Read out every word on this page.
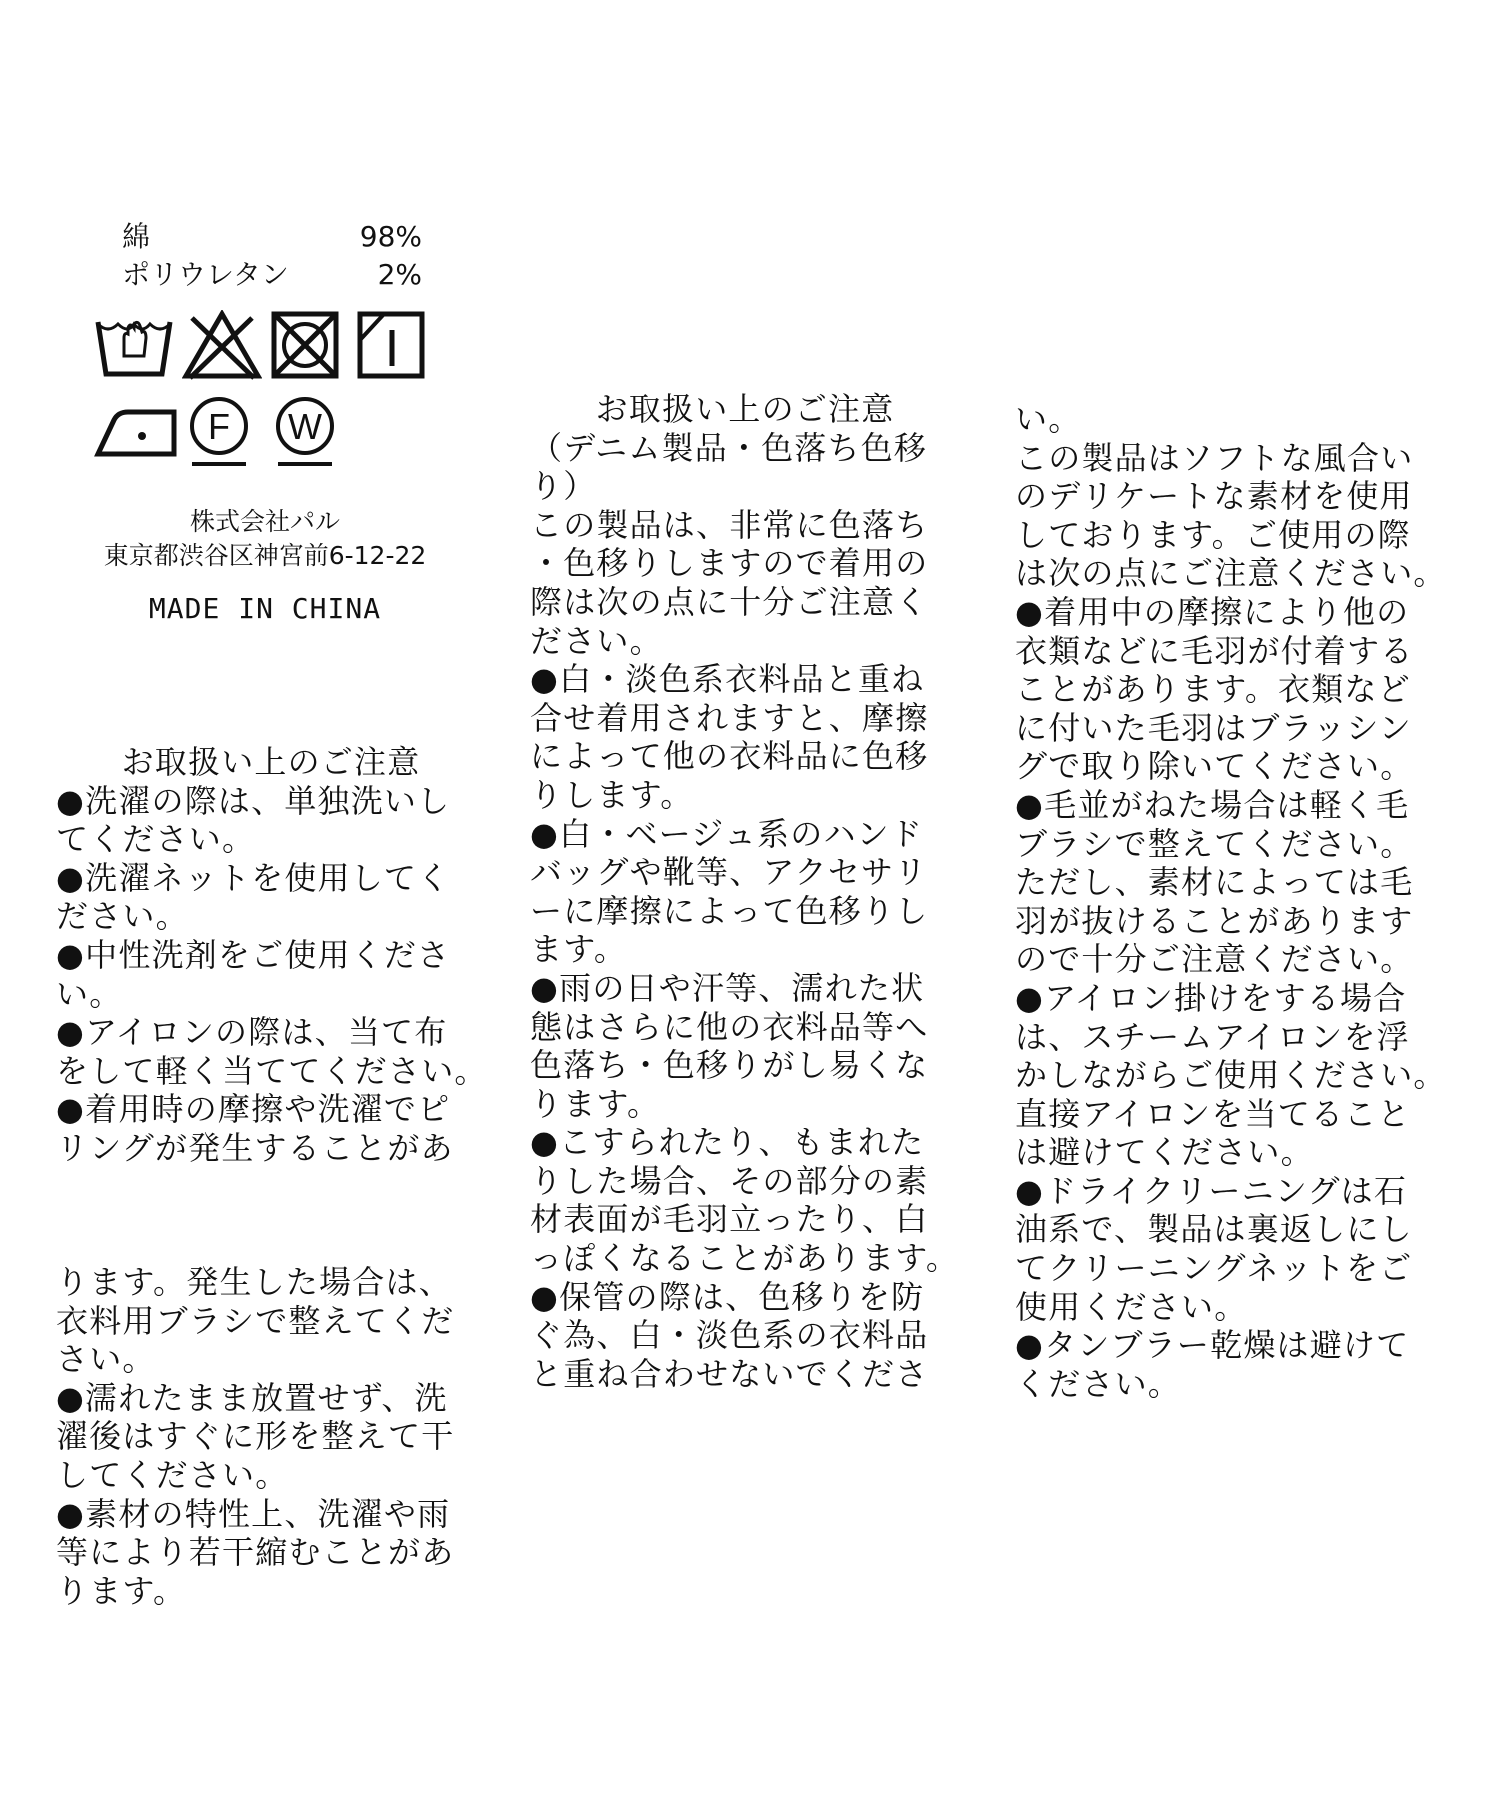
綿	98%
ポリウレタン	2%
F W

株式会社パル

東京都渋谷区神宮前6-12-22

MADE IN CHINA

お取扱い上のご注意

●洗濯の際は、単独洗いし

てください。

●洗濯ネットを使用してく

ださい。

●中性洗剤をご使用くださ

い。

●アイロンの際は、当て布

をして軽く当ててください。

●着用時の摩擦や洗濯でピ

リングが発生することがあ

ります。発生した場合は、

衣料用ブラシで整えてくだ

さい。

●濡れたまま放置せず、洗

濯後はすぐに形を整えて干

してください。

●素材の特性上、洗濯や雨

等により若干縮むことがあ

ります。

お取扱い上のご注意

（デニム製品・色落ち色移

り）

この製品は、非常に色落ち

・色移りしますので着用の

際は次の点に十分ご注意く

ださい。

●白・淡色系衣料品と重ね

合せ着用されますと、摩擦

によって他の衣料品に色移

りします。

●白・ベージュ系のハンド

バッグや靴等、アクセサリ

ーに摩擦によって色移りし

ます。

●雨の日や汗等、濡れた状

態はさらに他の衣料品等へ

色落ち・色移りがし易くな

ります。

●こすられたり、もまれた

りした場合、その部分の素

材表面が毛羽立ったり、白

っぽくなることがあります。

●保管の際は、色移りを防

ぐ為、白・淡色系の衣料品

と重ね合わせないでくださ

い。

この製品はソフトな風合い

のデリケートな素材を使用

しております。ご使用の際

は次の点にご注意ください。

●着用中の摩擦により他の

衣類などに毛羽が付着する

ことがあります。衣類など

に付いた毛羽はブラッシン

グで取り除いてください。

●毛並がねた場合は軽く毛

ブラシで整えてください。

ただし、素材によっては毛

羽が抜けることがあります

ので十分ご注意ください。

●アイロン掛けをする場合

は、スチームアイロンを浮

かしながらご使用ください。

直接アイロンを当てること

は避けてください。

●ドライクリーニングは石

油系で、製品は裏返しにし

てクリーニングネットをご

使用ください。

●タンブラー乾燥は避けて

ください。
